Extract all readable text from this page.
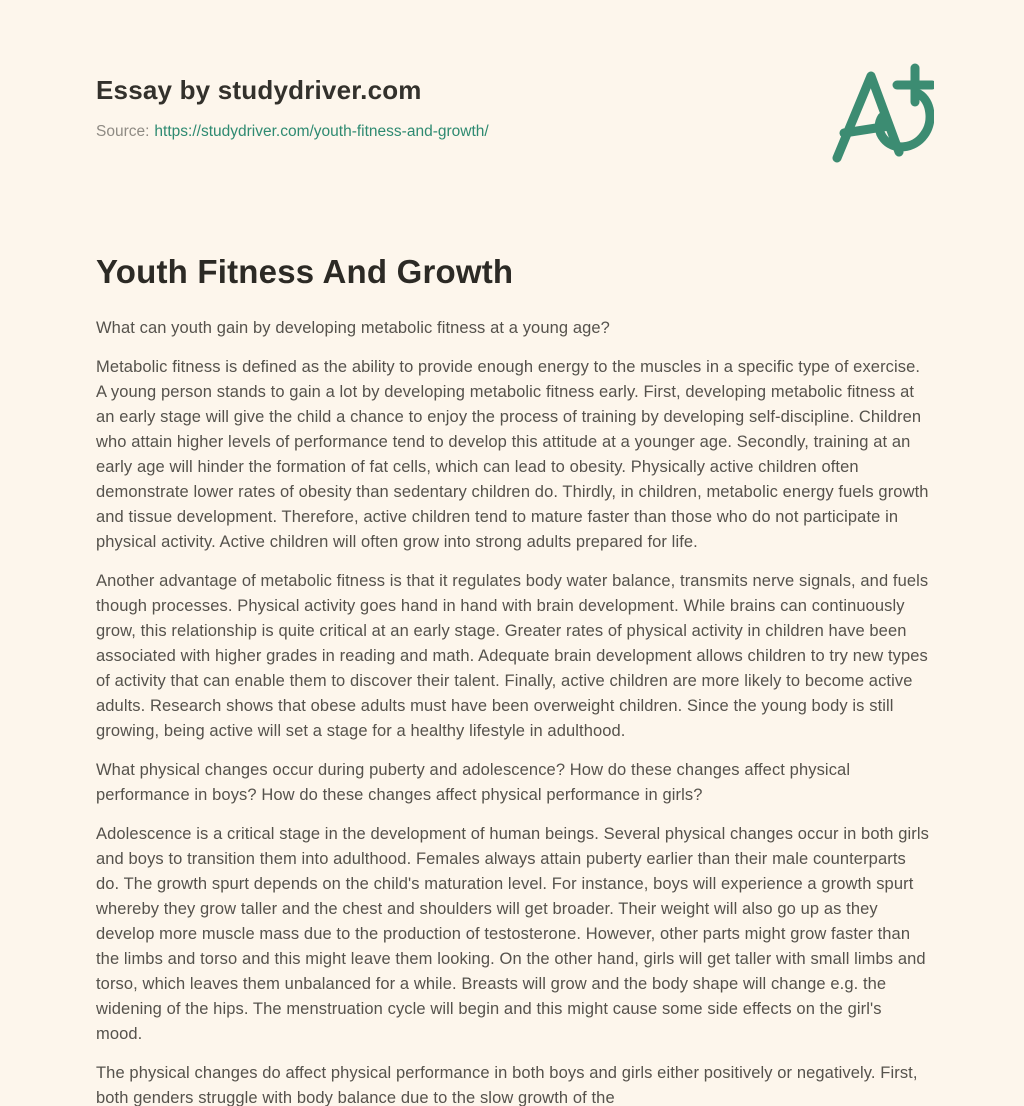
Essay by studydriver.com
Source: https://studydriver.com/youth-fitness-and-growth/
Youth Fitness And Growth

What can youth gain by developing metabolic fitness at a young age?

Metabolic fitness is defined as the ability to provide enough energy to the muscles in a specific type of exercise. A young person stands to gain a lot by developing metabolic fitness early. First, developing metabolic fitness at an early stage will give the child a chance to enjoy the process of training by developing self-discipline. Children who attain higher levels of performance tend to develop this attitude at a younger age. Secondly, training at an early age will hinder the formation of fat cells, which can lead to obesity. Physically active children often demonstrate lower rates of obesity than sedentary children do. Thirdly, in children, metabolic energy fuels growth and tissue development. Therefore, active children tend to mature faster than those who do not participate in physical activity. Active children will often grow into strong adults prepared for life.

Another advantage of metabolic fitness is that it regulates body water balance, transmits nerve signals, and fuels though processes. Physical activity goes hand in hand with brain development. While brains can continuously grow, this relationship is quite critical at an early stage. Greater rates of physical activity in children have been associated with higher grades in reading and math. Adequate brain development allows children to try new types of activity that can enable them to discover their talent. Finally, active children are more likely to become active adults. Research shows that obese adults must have been overweight children. Since the young body is still growing, being active will set a stage for a healthy lifestyle in adulthood.

What physical changes occur during puberty and adolescence? How do these changes affect physical performance in boys? How do these changes affect physical performance in girls?

Adolescence is a critical stage in the development of human beings. Several physical changes occur in both girls and boys to transition them into adulthood. Females always attain puberty earlier than their male counterparts do. The growth spurt depends on the child's maturation level. For instance, boys will experience a growth spurt whereby they grow taller and the chest and shoulders will get broader. Their weight will also go up as they develop more muscle mass due to the production of testosterone. However, other parts might grow faster than the limbs and torso and this might leave them looking. On the other hand, girls will get taller with small limbs and torso, which leaves them unbalanced for a while. Breasts will grow and the body shape will change e.g. the widening of the hips. The menstruation cycle will begin and this might cause some side effects on the girl's mood.

The physical changes do affect physical performance in both boys and girls either positively or negatively. First, both genders struggle with body balance due to the slow growth of the
